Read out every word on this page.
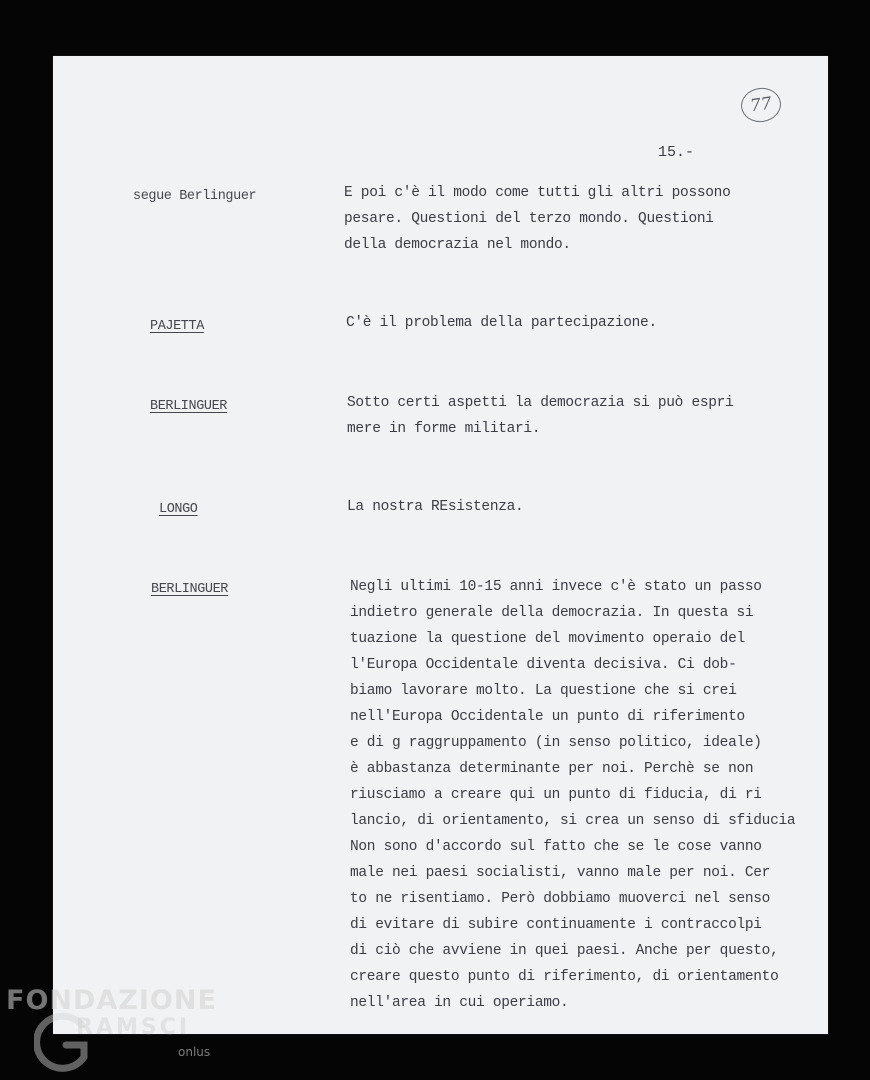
77
15.-
segue Berlinguer	E poi c'è il modo come tutti gli altri possono
pesare. Questioni del terzo mondo. Questioni
della democrazia nel mondo.
PAJETTA	C'è il problema della partecipazione.
BERLINGUER	Sotto certi aspetti la democrazia si può espri
mere in forme militari.
LONGO	La nostra REsistenza.
BERLINGUER	Negli ultimi 10-15 anni invece c'è stato un passo
indietro generale della democrazia. In questa si
tuazione la questione del movimento operaio del
l'Europa Occidentale diventa decisiva. Ci dob-
biamo lavorare molto. La questione che si crei
nell'Europa Occidentale un punto di riferimento
e di g raggruppamento (in senso politico, ideale)
è abbastanza determinante per noi. Perchè se non
riusciamo a creare qui un punto di fiducia, di ri
lancio, di orientamento, si crea un senso di sfiducia
Non sono d'accordo sul fatto che se le cose vanno
male nei paesi socialisti, vanno male per noi. Cer
to ne risentiamo. Però dobbiamo muoverci nel senso
di evitare di subire continuamente i contraccolpi
di ciò che avviene in quei paesi. Anche per questo,
creare questo punto di riferimento, di orientamento
nell'area in cui operiamo.
FONDAZIONE
RAMSCI
onlus
